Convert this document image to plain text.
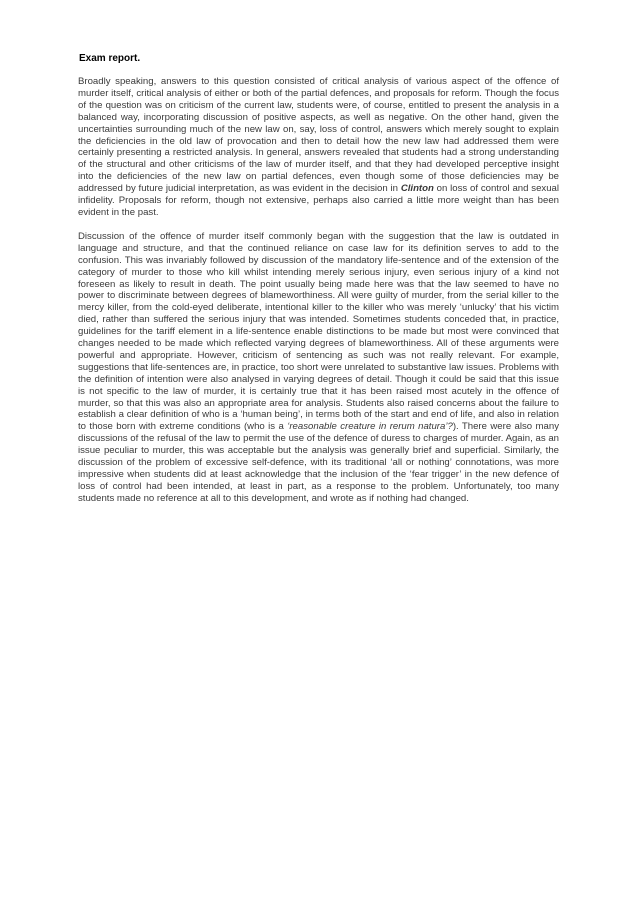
Exam report.

Broadly speaking, answers to this question consisted of critical analysis of various aspect of the offence of murder itself, critical analysis of either or both of the partial defences, and proposals for reform. Though the focus of the question was on criticism of the current law, students were, of course, entitled to present the analysis in a balanced way, incorporating discussion of positive aspects, as well as negative. On the other hand, given the uncertainties surrounding much of the new law on, say, loss of control, answers which merely sought to explain the deficiencies in the old law of provocation and then to detail how the new law had addressed them were certainly presenting a restricted analysis. In general, answers revealed that students had a strong understanding of the structural and other criticisms of the law of murder itself, and that they had developed perceptive insight into the deficiencies of the new law on partial defences, even though some of those deficiencies may be addressed by future judicial interpretation, as was evident in the decision in Clinton on loss of control and sexual infidelity. Proposals for reform, though not extensive, perhaps also carried a little more weight than has been evident in the past.

Discussion of the offence of murder itself commonly began with the suggestion that the law is outdated in language and structure, and that the continued reliance on case law for its definition serves to add to the confusion. This was invariably followed by discussion of the mandatory life-sentence and of the extension of the category of murder to those who kill whilst intending merely serious injury, even serious injury of a kind not foreseen as likely to result in death. The point usually being made here was that the law seemed to have no power to discriminate between degrees of blameworthiness. All were guilty of murder, from the serial killer to the mercy killer, from the cold-eyed deliberate, intentional killer to the killer who was merely ‘unlucky’ that his victim died, rather than suffered the serious injury that was intended. Sometimes students conceded that, in practice, guidelines for the tariff element in a life-sentence enable distinctions to be made but most were convinced that changes needed to be made which reflected varying degrees of blameworthiness. All of these arguments were powerful and appropriate. However, criticism of sentencing as such was not really relevant. For example, suggestions that life-sentences are, in practice, too short were unrelated to substantive law issues. Problems with the definition of intention were also analysed in varying degrees of detail. Though it could be said that this issue is not specific to the law of murder, it is certainly true that it has been raised most acutely in the offence of murder, so that this was also an appropriate area for analysis. Students also raised concerns about the failure to establish a clear definition of who is a ‘human being’, in terms both of the start and end of life, and also in relation to those born with extreme conditions (who is a ‘reasonable creature in rerum natura’?). There were also many discussions of the refusal of the law to permit the use of the defence of duress to charges of murder. Again, as an issue peculiar to murder, this was acceptable but the analysis was generally brief and superficial. Similarly, the discussion of the problem of excessive self-defence, with its traditional ‘all or nothing’ connotations, was more impressive when students did at least acknowledge that the inclusion of the ‘fear trigger’ in the new defence of loss of control had been intended, at least in part, as a response to the problem. Unfortunately, too many students made no reference at all to this development, and wrote as if nothing had changed.
